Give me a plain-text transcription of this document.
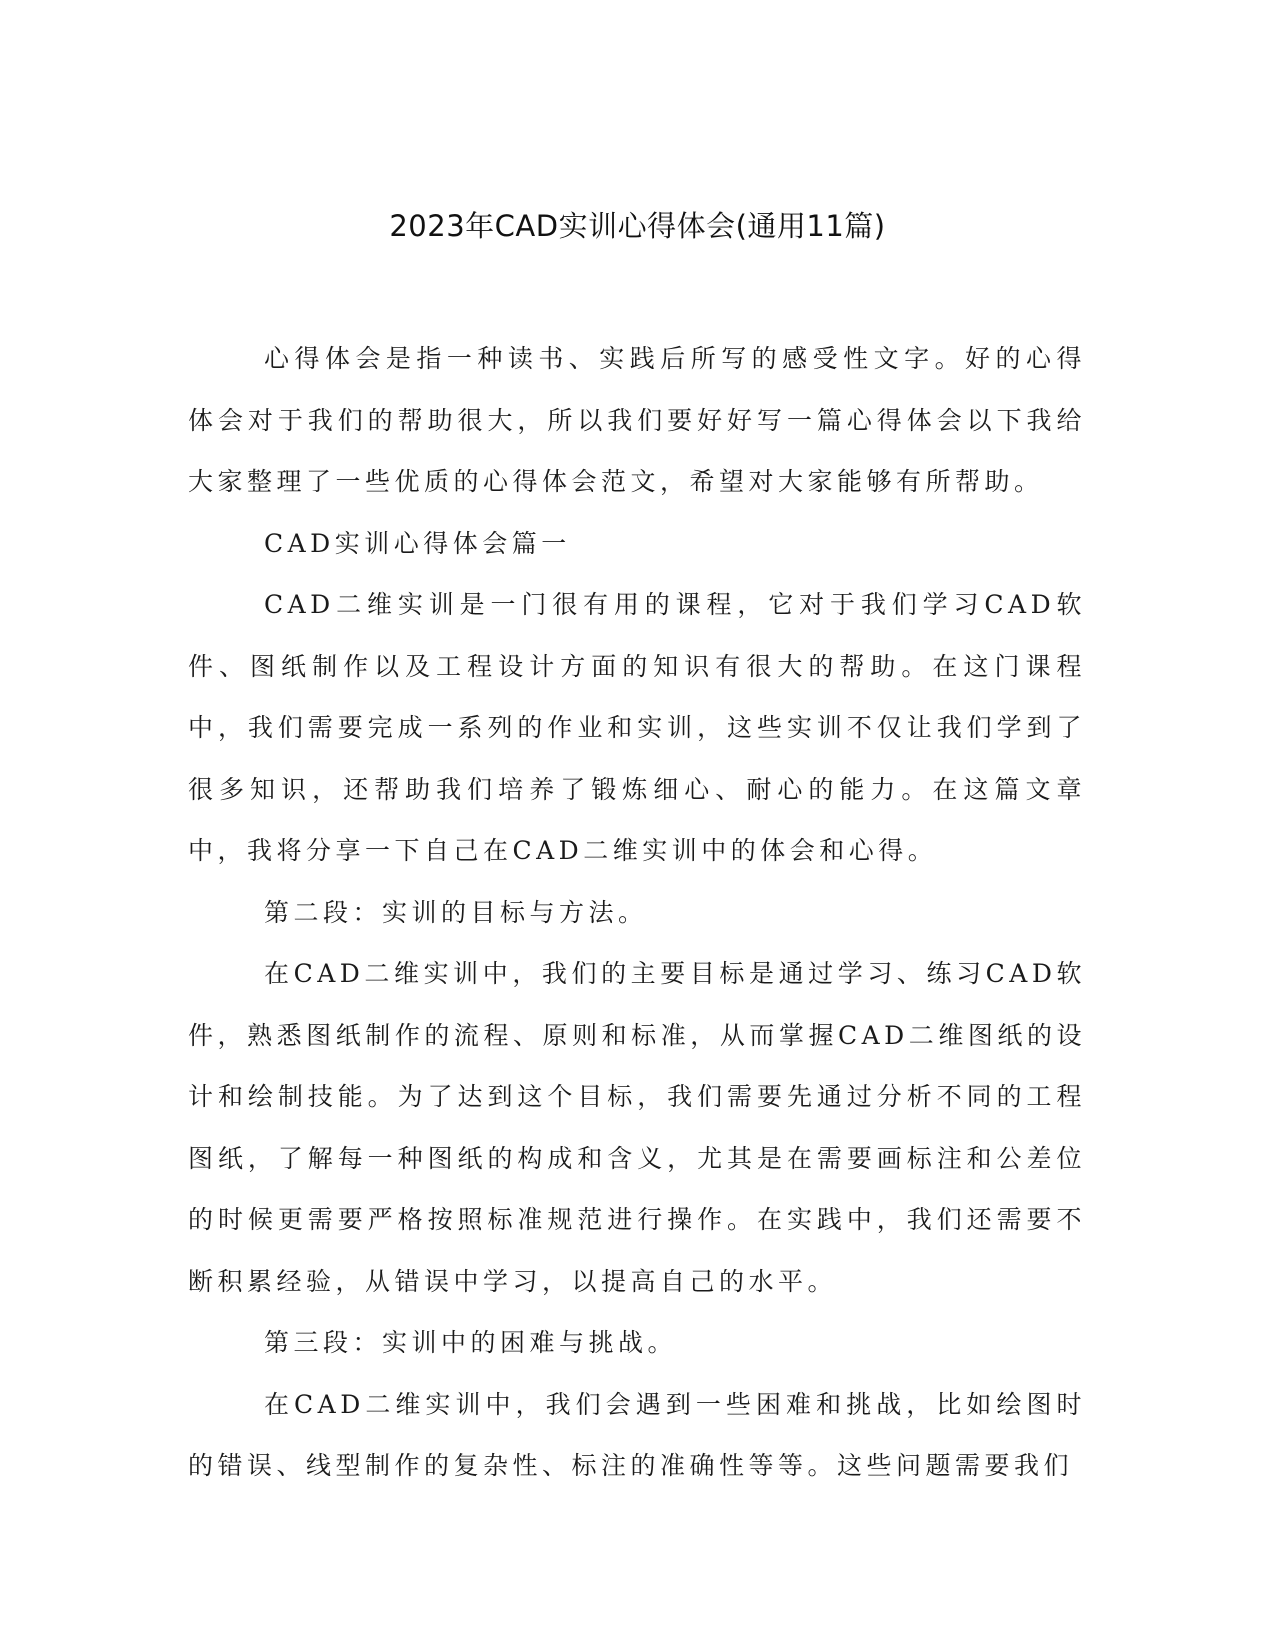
2023年CAD实训心得体会(通用11篇)

心得体会是指一种读书、实践后所写的感受性文字。好的心得体会对于我们的帮助很大，所以我们要好好写一篇心得体会以下我给大家整理了一些优质的心得体会范文，希望对大家能够有所帮助。

CAD实训心得体会篇一

CAD二维实训是一门很有用的课程，它对于我们学习CAD软件、图纸制作以及工程设计方面的知识有很大的帮助。在这门课程中，我们需要完成一系列的作业和实训，这些实训不仅让我们学到了很多知识，还帮助我们培养了锻炼细心、耐心的能力。在这篇文章中，我将分享一下自己在CAD二维实训中的体会和心得。

第二段：实训的目标与方法。

在CAD二维实训中，我们的主要目标是通过学习、练习CAD软件，熟悉图纸制作的流程、原则和标准，从而掌握CAD二维图纸的设计和绘制技能。为了达到这个目标，我们需要先通过分析不同的工程图纸，了解每一种图纸的构成和含义，尤其是在需要画标注和公差位的时候更需要严格按照标准规范进行操作。在实践中，我们还需要不断积累经验，从错误中学习，以提高自己的水平。

第三段：实训中的困难与挑战。

在CAD二维实训中，我们会遇到一些困难和挑战，比如绘图时的错误、线型制作的复杂性、标注的准确性等等。这些问题需要我们
